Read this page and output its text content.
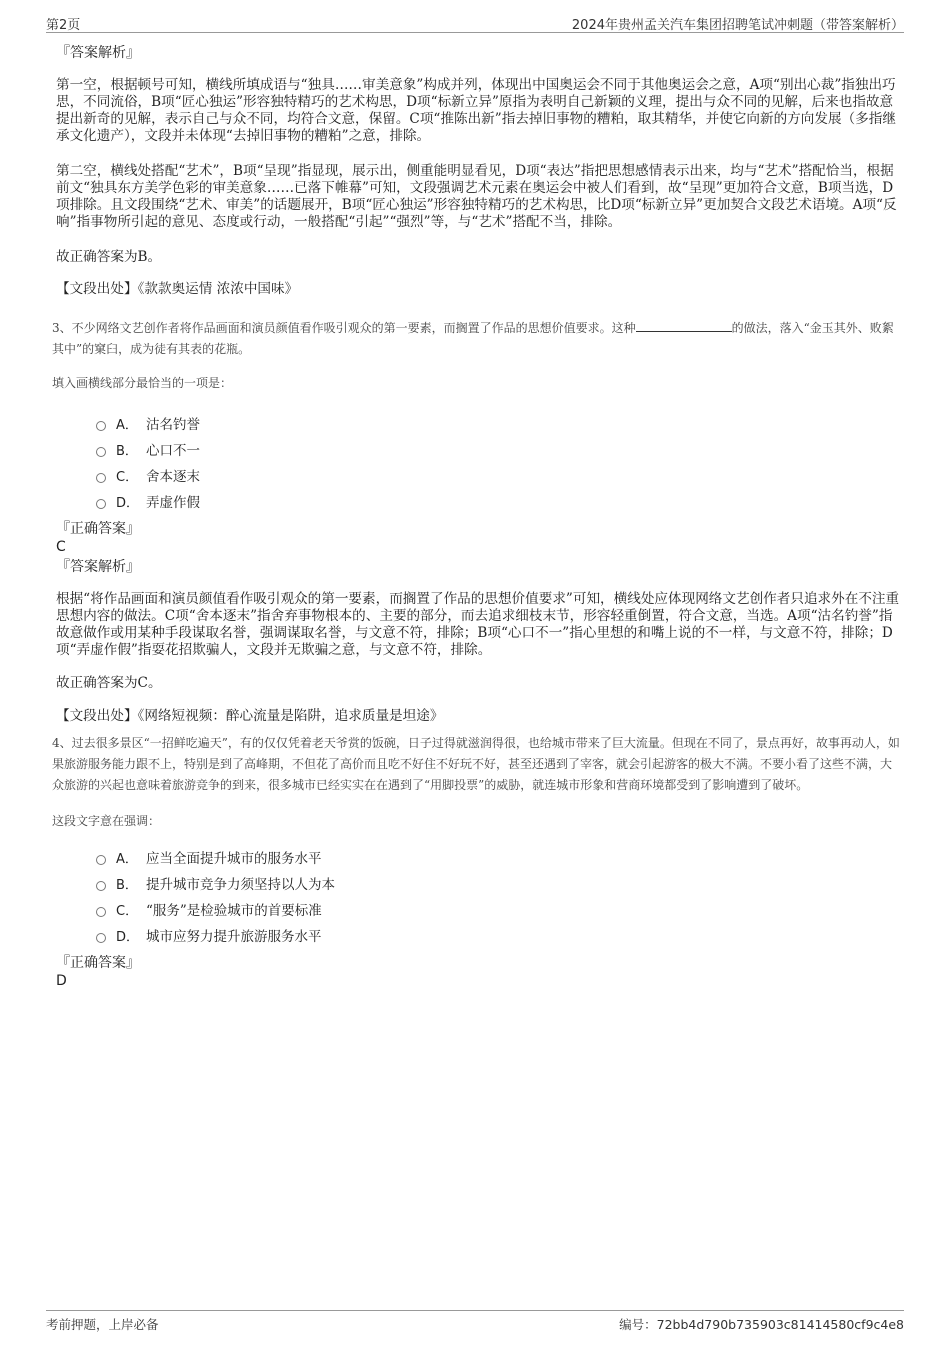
第2页	2024年贵州孟关汽车集团招聘笔试冲刺题（带答案解析）
『答案解析』

第一空，根据顿号可知，横线所填成语与“独具……审美意象”构成并列，体现出中国奥运会不同于其他奥运会之意，A项“别出心裁”指独出巧思，不同流俗，B项“匠心独运”形容独特精巧的艺术构思，D项“标新立异”原指为表明自己新颖的义理，提出与众不同的见解，后来也指故意提出新奇的见解，表示自己与众不同，均符合文意，保留。C项“推陈出新”指去掉旧事物的糟粕，取其精华，并使它向新的方向发展（多指继承文化遗产），文段并未体现“去掉旧事物的糟粕”之意，排除。

第二空，横线处搭配“艺术”，B项“呈现”指显现，展示出，侧重能明显看见，D项“表达”指把思想感情表示出来，均与“艺术”搭配恰当，根据前文“独具东方美学色彩的审美意象……已落下帷幕”可知，文段强调艺术元素在奥运会中被人们看到，故“呈现”更加符合文意，B项当选，D项排除。且文段围绕“艺术、审美”的话题展开，B项“匠心独运”形容独特精巧的艺术构思，比D项“标新立异”更加契合文段艺术语境。A项“反响”指事物所引起的意见、态度或行动，一般搭配“引起”“强烈”等，与“艺术”搭配不当，排除。

故正确答案为B。

【文段出处】《款款奥运情 浓浓中国味》

3、不少网络文艺创作者将作品画面和演员颜值看作吸引观众的第一要素，而搁置了作品的思想价值要求。这种	的做法，落入“金玉其外、败絮其中”的窠臼，成为徒有其表的花瓶。

填入画横线部分最恰当的一项是：
A． 沽名钓誉
B． 心口不一
C． 舍本逐末
D． 弄虚作假
『正确答案』
C
『答案解析』

根据“将作品画面和演员颜值看作吸引观众的第一要素，而搁置了作品的思想价值要求”可知，横线处应体现网络文艺创作者只追求外在不注重思想内容的做法。C项“舍本逐末”指舍弃事物根本的、主要的部分，而去追求细枝末节，形容轻重倒置，符合文意，当选。A项“沽名钓誉”指故意做作或用某种手段谋取名誉，强调谋取名誉，与文意不符，排除；B项“心口不一”指心里想的和嘴上说的不一样，与文意不符，排除；D项“弄虚作假”指耍花招欺骗人，文段并无欺骗之意，与文意不符，排除。

故正确答案为C。

【文段出处】《网络短视频：醉心流量是陷阱，追求质量是坦途》

4、过去很多景区“一招鲜吃遍天”，有的仅仅凭着老天爷赏的饭碗，日子过得就滋润得很，也给城市带来了巨大流量。但现在不同了，景点再好，故事再动人，如果旅游服务能力跟不上，特别是到了高峰期，不但花了高价而且吃不好住不好玩不好，甚至还遇到了宰客，就会引起游客的极大不满。不要小看了这些不满，大众旅游的兴起也意味着旅游竞争的到来，很多城市已经实实在在遇到了“用脚投票”的威胁，就连城市形象和营商环境都受到了影响遭到了破坏。

这段文字意在强调：
A． 应当全面提升城市的服务水平
B． 提升城市竞争力须坚持以人为本
C． “服务”是检验城市的首要标准
D． 城市应努力提升旅游服务水平
『正确答案』
D
考前押题，上岸必备	编号：72bb4d790b735903c81414580cf9c4e8
